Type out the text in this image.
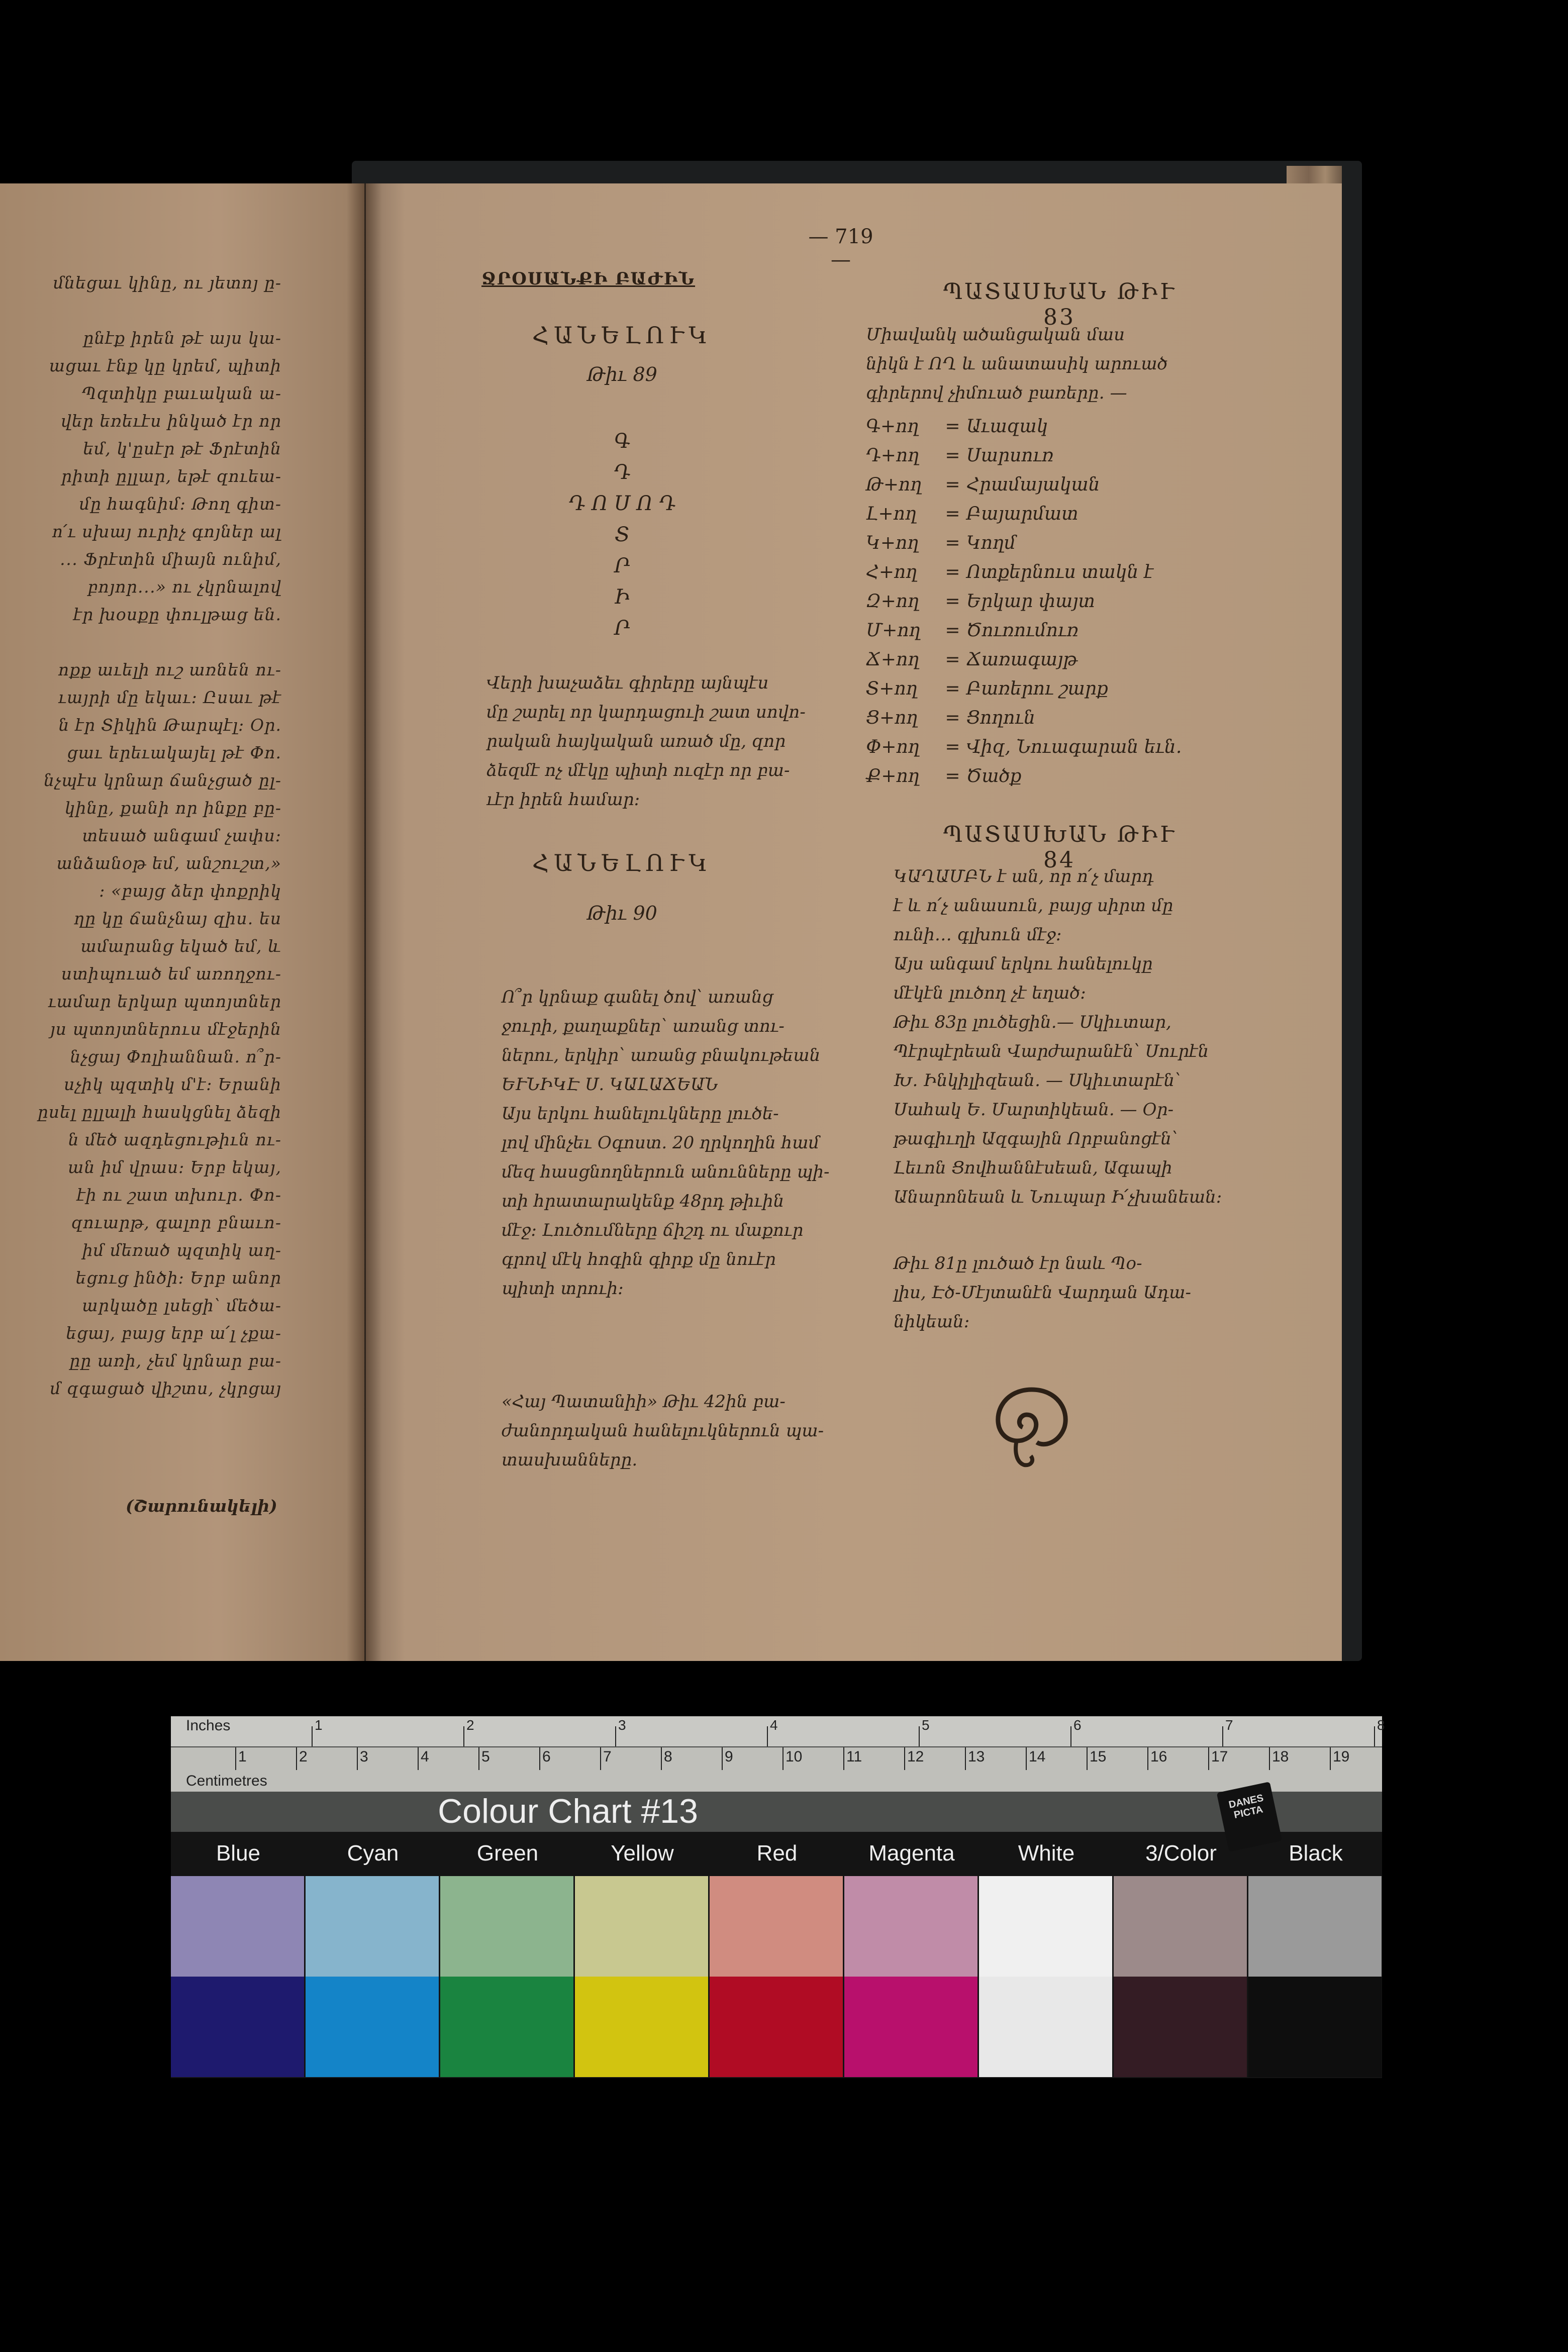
մնեցաւ կինը, ու յետոյ ը-
ընէք իրեն թէ այս կա-
ացաւ էնք կը կրեմ, պիտի
Պզտիկը բաւական ա-
վեր եռեւէս ինկած էր որ
եմ, կ'ըսէր թէ Ֆրէտին
րիտի ըլլար, եթէ զուեա-
մը հագնիմ։ Թող գիտ-
ո՛ւ սխայ ուրիչ գոյներ ալ
․․․ Ֆրէտին միայն ունիմ,
բոյոր․․․» ու չկրնալով
էր խօսքը փուլթաց են.
ոքք աւելի ուշ առնեն ու-
ւայրի մը եկաւ։ Ըսաւ թէ
ն էր Տիկին Թարպէլ։ Օր.
ցաւ երեւակայել թէ Փո.
նչպէս կրնար ճանչցած ըլ-
կինը, քանի որ ինքը բը-
տեսած անգամ չափս։
անձանօթ եմ, անշուշտ,»
։ «բայց ձեր փոքրիկ
ղը կը ճանչնայ զիս․ ես
ամարանց եկած եմ, և
ստիպուած եմ առողջու-
ւամար երկար պտոյտներ
յս պտոյտներուս մէջերին
նչցայ Փոլիաննան. ո՞ր-
սչիկ պզտիկ մ'է։ Երանի
ըսել ըլլալի հասկցնել ձեզի
ն մեծ ազդեցութիւն ու-
ան իմ վրաս։ Երբ եկայ,
էի ու շատ տխուր․ Փո-
զուարթ, գալոր բնաւո-
իմ մեռած պզտիկ աղ-
եցուց ինծի։ Երբ անոր
արկածը լսեցի՝ մեծա-
եցայ, բայց երբ ա՛լ չքա-
ըը առի, չեմ կրնար բա-
մ զգացած վիշտս, չկրցայ
(Շարունակելի)
— 719 —
ՋՐՕՍԱՆՔԻ ԲԱԺԻՆ
ՀԱՆԵԼՈՒԿ
Թիւ 89
Գ
Դ
Դ Ո Ս Ո Դ
Տ
Ր
Ի
Ր
Վերի խաչաձեւ գիրերը այնպէս
մը շարել որ կարդացուի շատ սովո-
րական հայկական առած մը, զոր
ձեզմէ ոչ մէկը պիտի ուզէր որ բա-
ւէր իրեն համար։
ՀԱՆԵԼՈՒԿ
Թիւ 90
Ո՞ր կրնաք գանել ծով՝ առանց
ջուրի, քաղաքներ՝ առանց տու-
ներու, երկիր՝ առանց բնակութեան
ԵՒՆԻԿԷ Ս. ԿԱԼԱՃԵԱՆ
Այս երկու հանելուկները լուծե-
լով մինչեւ Օգոստ. 20 ղրկողին համ
մեզ հասցնողներուն անունները պի-
տի հրատարակենք 48րդ թիւին
մէջ։ Լուծումները ճիշդ ու մաքուր
գրով մէկ հոգին գիրք մը նուէր
պիտի տրուի։
«Հայ Պատանիի» Թիւ 42ին բա-
ժանորդական հանելուկներուն պա-
տասխանները․
ՊԱՏԱՍԽԱՆ ԹԻՒ 83
Միավանկ ածանցական մաս
նիկն է ՈՂ և անատասիկ արուած
գիրերով չիմուած բառերը․ —
Գ+ող = Աւազակ
Դ+ող = Սարսուռ
Թ+ող = Հրամայական
Լ+ող = Բայարմատ
Կ+ող = Կողմ
Հ+ող = Ոտքերնուս տակն է
Զ+ող = Երկար փայտ
Մ+ող = Ծուռումուռ
Ճ+ող = Ճառագայթ
Տ+ող = Բառերու շարք
Ց+ող = Ցողուն
Փ+ող = Վիզ, Նուագարան եւն․
Ք+ող = Ծածք
ՊԱՏԱՍԽԱՆ ԹԻՒ 84
ԿԱՂԱՄԲՆ է ան, որ ո՛չ մարդ
է և ո՛չ անասուն, բայց սիրտ մը
ունի․․․ գլխուն մէջ։
Այս անգամ երկու հանելուկը
մէկէն լուծող չէ եղած։
Թիւ 83ը լուծեցին․— Սկիւտար,
Պէրպէրեան Վարժարանէն՝ Սուրէն
Խ․ Ինկիլիզեան․ — Սկիւտարէն՝
Սահակ Ե. Մարտիկեան. — Օր-
թագիւղի Ազգային Որբանոցէն՝
Լեւոն Ցովհաննէսեան, Ագապի
Անարոնեան և Նուպար Ի՛չխանեան։
Թիւ 81ը լուծած էր նաև Պօ-
լիս, Էծ-Մէյտանէն Վարդան Ադա-
նիկեան։
Inches	1	2	3	4	5	6	7	8
Centimetres
1	2	3	4	5	6	7	8	9	10	11	12	13	14	15	16	17	18	19
Colour Chart #13	DANES PICTA
Blue	Cyan	Green	Yellow	Red	Magenta	White	3/Color	Black
